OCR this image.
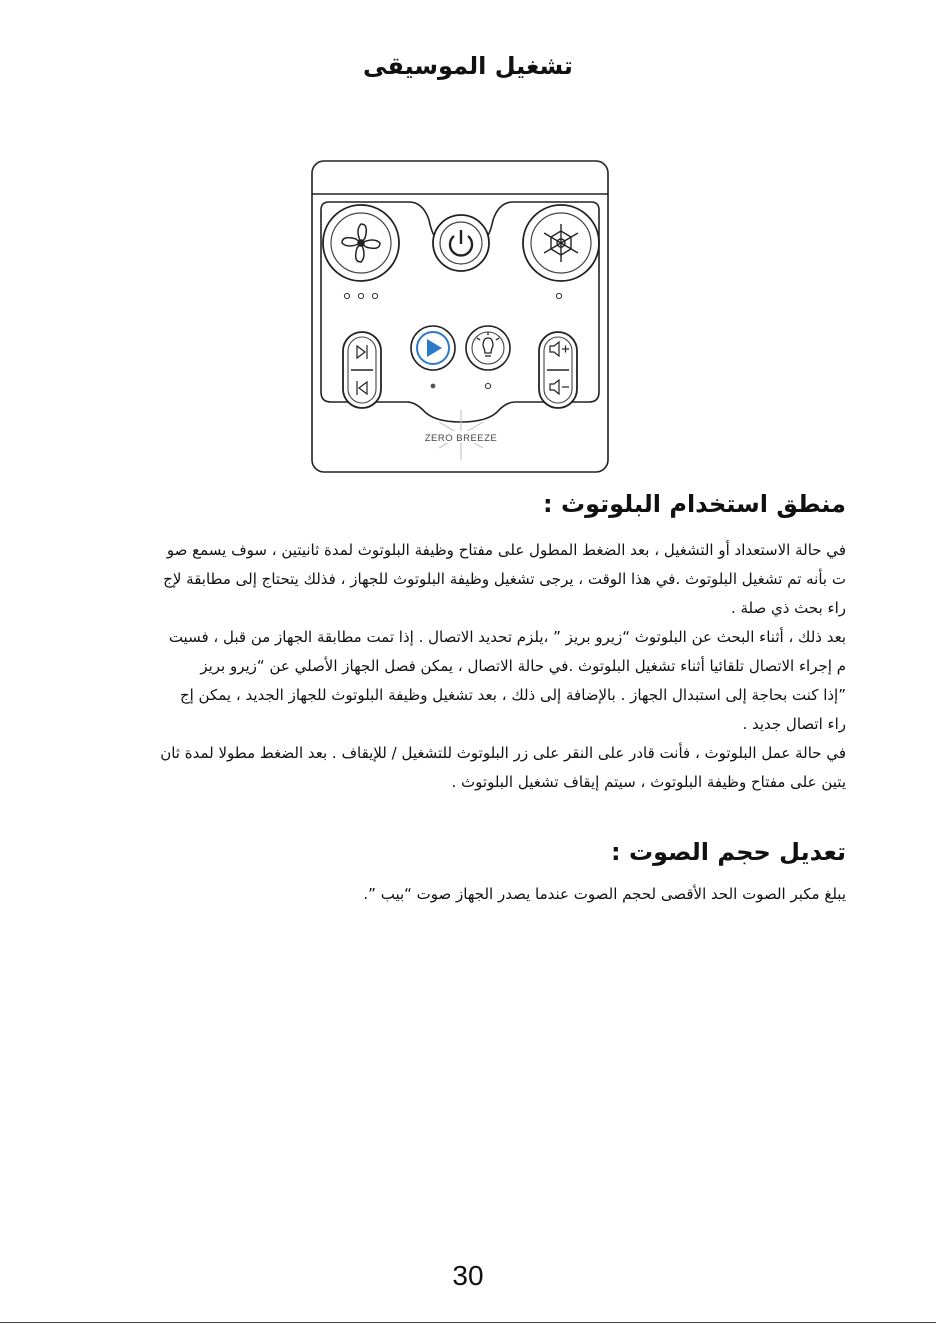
تشغيل الموسيقى
ZERO BREEZE
منطق استخدام البلوتوث :
في حالة الاستعداد أو التشغيل ، بعد الضغط المطول على مفتاح وظيفة البلوتوث لمدة ثانيتين ، سوف يسمع صو
ت بأنه تم تشغيل البلوتوث .في هذا الوقت ، يرجى تشغيل وظيفة البلوتوث للجهاز ، فذلك يتحتاج إلى مطابقة لإج
راء بحث ذي صلة .
بعد ذلك ، أثناء البحث عن البلوتوث “زيرو بريز ” ،يلزم تحديد الاتصال . إذا تمت مطابقة الجهاز من قبل ، فسيت
م إجراء الاتصال تلقائيا أثناء تشغيل البلوتوث .في حالة الاتصال ، يمكن فصل الجهاز الأصلي عن “زيرو بريز
”إذا كنت بحاجة إلى استبدال الجهاز . بالإضافة إلى ذلك ، بعد تشغيل وظيفة البلوتوث للجهاز الجديد ، يمكن إج
راء اتصال جديد .
في حالة عمل البلوتوث ، فأنت قادر على النقر على زر البلوتوث للتشغيل / للإيقاف . بعد الضغط مطولا لمدة ثان
يتين على مفتاح وظيفة البلوتوث ، سيتم إيقاف تشغيل البلوتوث .
تعديل حجم الصوت :
يبلغ مكبر الصوت الحد الأقصى لحجم الصوت عندما يصدر الجهاز صوت “بيب ”.
30
